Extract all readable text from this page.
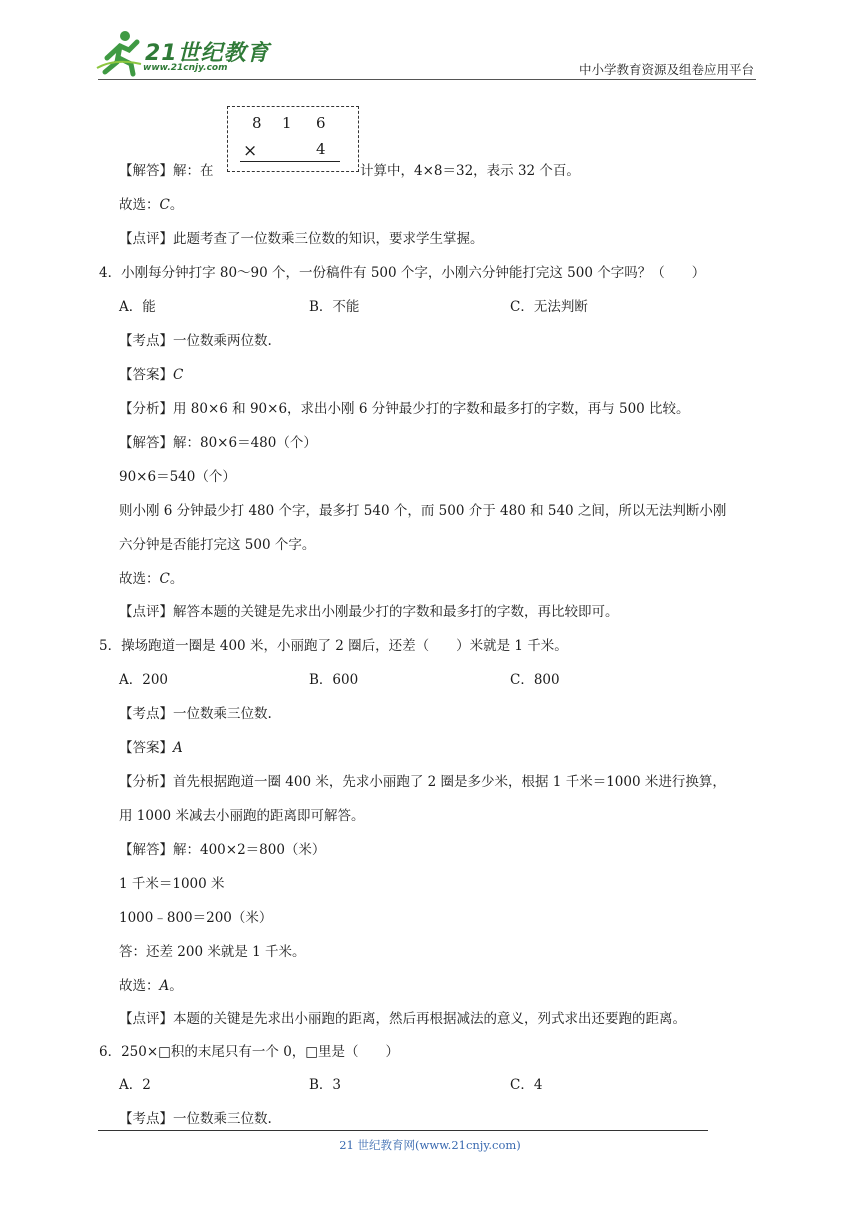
21世纪教育
www.21cnjy.com	中小学教育资源及组卷应用平台
8 1 6
×	4
【解答】解：在	计算中，4×8＝32，表示 32 个百。
故选：C。
【点评】此题考查了一位数乘三位数的知识，要求学生掌握。
4．小刚每分钟打字 80～90 个，一份稿件有 500 个字，小刚六分钟能打完这 500 个字吗？（　　）
A．能	B．不能	C．无法判断
【考点】一位数乘两位数.
【答案】C
【分析】用 80×6 和 90×6，求出小刚 6 分钟最少打的字数和最多打的字数，再与 500 比较。
【解答】解：80×6＝480（个）
90×6＝540（个）
则小刚 6 分钟最少打 480 个字，最多打 540 个，而 500 介于 480 和 540 之间，所以无法判断小刚
六分钟是否能打完这 500 个字。
故选：C。
【点评】解答本题的关键是先求出小刚最少打的字数和最多打的字数，再比较即可。
5．操场跑道一圈是 400 米，小丽跑了 2 圈后，还差（　　）米就是 1 千米。
A．200	B．600	C．800
【考点】一位数乘三位数.
【答案】A
【分析】首先根据跑道一圈 400 米，先求小丽跑了 2 圈是多少米，根据 1 千米＝1000 米进行换算，
用 1000 米减去小丽跑的距离即可解答。
【解答】解：400×2＝800（米）
1 千米＝1000 米
1000﹣800＝200（米）
答：还差 200 米就是 1 千米。
故选：A。
【点评】本题的关键是先求出小丽跑的距离，然后再根据减法的意义，列式求出还要跑的距离。
6．250×□积的末尾只有一个 0，□里是（　　）
A．2	B．3	C．4
【考点】一位数乘三位数.
21 世纪教育网(www.21cnjy.com)
